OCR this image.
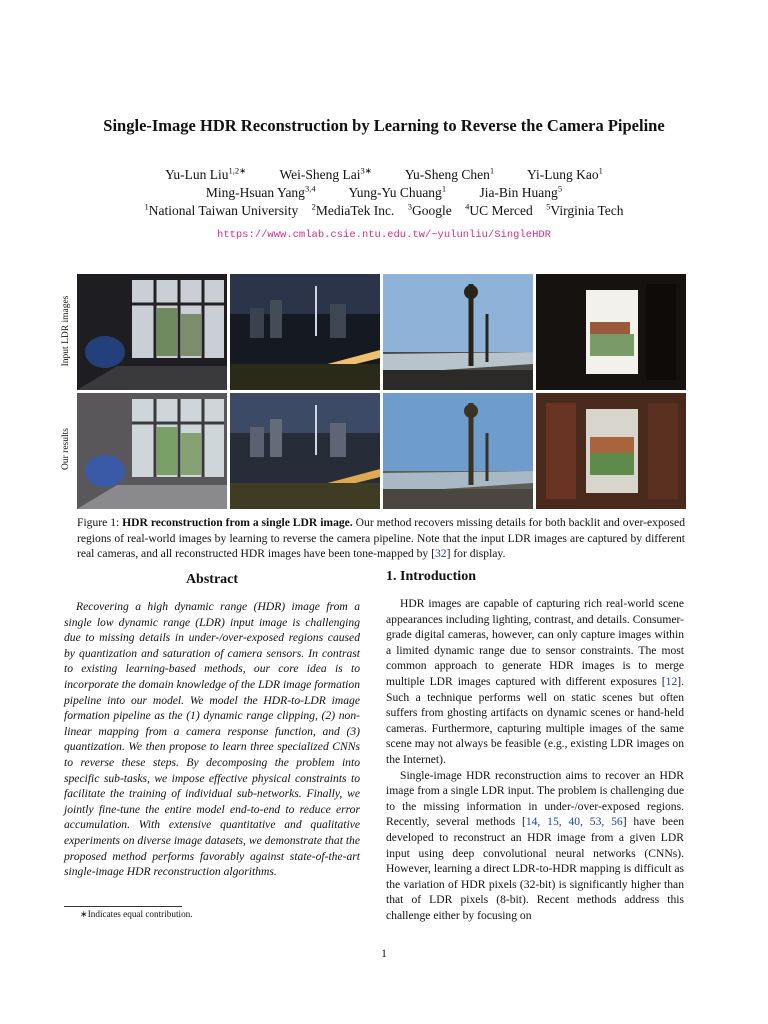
Single-Image HDR Reconstruction by Learning to Reverse the Camera Pipeline
Yu-Lun Liu$^{1,2∗}$ Wei-Sheng Lai$^{3∗}$ Yu-Sheng Chen$^1$ Yi-Lung Kao$^1$
Ming-Hsuan Yang$^{3,4}$ Yung-Yu Chuang$^1$ Jia-Bin Huang$^5$
$^1$National Taiwan University $^2$MediaTek Inc. $^3$Google $^4$UC Merced $^5$Virginia Tech
https://www.cmlab.csie.ntu.edu.tw/~yulunliu/SingleHDR
Input LDR images
Our results
Figure 1: HDR reconstruction from a single LDR image. Our method recovers missing details for both backlit and over-exposed regions of real-world images by learning to reverse the camera pipeline. Note that the input LDR images are captured by different real cameras, and all reconstructed HDR images have been tone-mapped by [32] for display.
Abstract
Recovering a high dynamic range (HDR) image from a single low dynamic range (LDR) input image is challenging due to missing details in under-/over-exposed regions caused by quantization and saturation of camera sensors. In contrast to existing learning-based methods, our core idea is to incorporate the domain knowledge of the LDR image formation pipeline into our model. We model the HDR-to-LDR image formation pipeline as the (1) dynamic range clipping, (2) non-linear mapping from a camera response function, and (3) quantization. We then propose to learn three specialized CNNs to reverse these steps. By decomposing the problem into specific sub-tasks, we impose effective physical constraints to facilitate the training of individual sub-networks. Finally, we jointly fine-tune the entire model end-to-end to reduce error accumulation. With extensive quantitative and qualitative experiments on diverse image datasets, we demonstrate that the proposed method performs favorably against state-of-the-art single-image HDR reconstruction algorithms.
∗Indicates equal contribution.
1. Introduction

HDR images are capable of capturing rich real-world scene appearances including lighting, contrast, and details. Consumer-grade digital cameras, however, can only capture images within a limited dynamic range due to sensor constraints. The most common approach to generate HDR images is to merge multiple LDR images captured with different exposures [12]. Such a technique performs well on static scenes but often suffers from ghosting artifacts on dynamic scenes or hand-held cameras. Furthermore, capturing multiple images of the same scene may not always be feasible (e.g., existing LDR images on the Internet).

Single-image HDR reconstruction aims to recover an HDR image from a single LDR input. The problem is challenging due to the missing information in under-/over-exposed regions. Recently, several methods [14, 15, 40, 53, 56] have been developed to reconstruct an HDR image from a given LDR input using deep convolutional neural networks (CNNs). However, learning a direct LDR-to-HDR mapping is difficult as the variation of HDR pixels (32-bit) is significantly higher than that of LDR pixels (8-bit). Recent methods address this challenge either by focusing on

1
